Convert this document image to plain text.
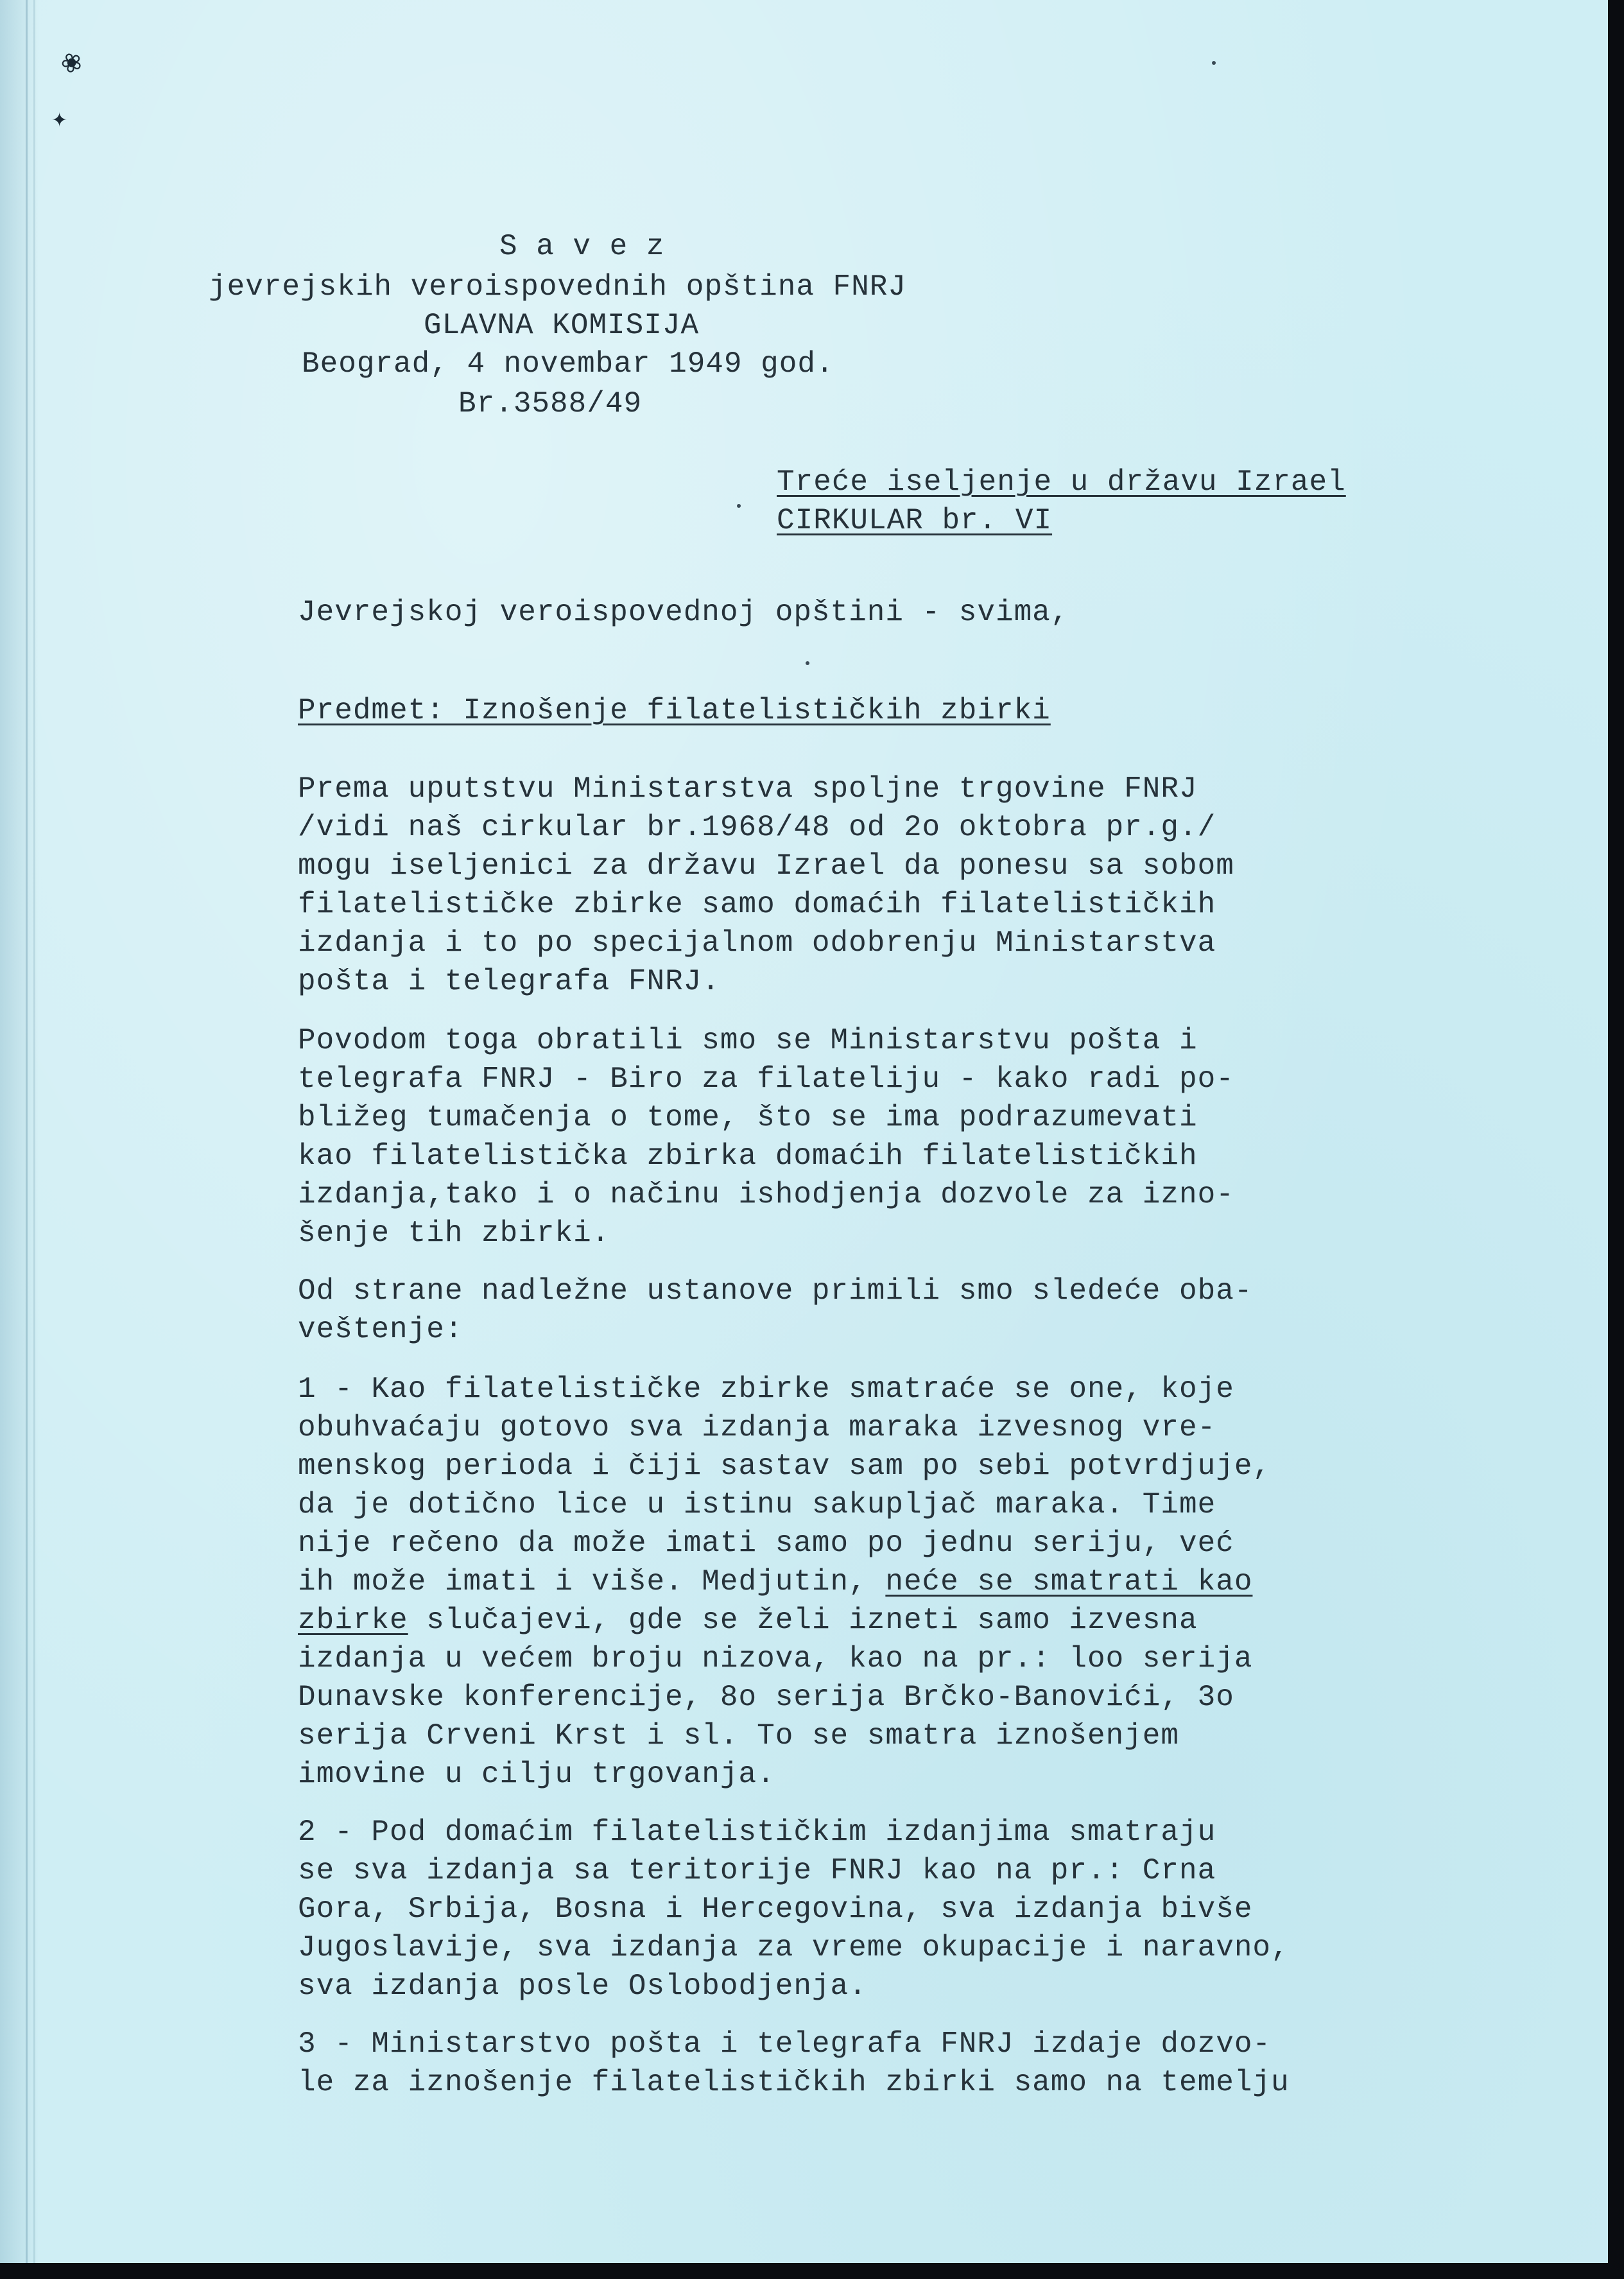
❀
✦
S a v e z
jevrejskih veroispovednih opština FNRJ
GLAVNA KOMISIJA
Beograd, 4 novembar 1949 god.
Br.3588/49
Treće iseljenje u državu Izrael
CIRKULAR br. VI
Jevrejskoj veroispovednoj opštini - svima,
Predmet: Iznošenje filatelističkih zbirki
Prema uputstvu Ministarstva spoljne trgovine FNRJ
/vidi naš cirkular br.1968/48 od 2o oktobra pr.g./
mogu iseljenici za državu Izrael da ponesu sa sobom
filatelističke zbirke samo domaćih filatelističkih
izdanja i to po specijalnom odobrenju Ministarstva
pošta i telegrafa FNRJ.
Povodom toga obratili smo se Ministarstvu pošta i
telegrafa FNRJ - Biro za filateliju - kako radi po-
bližeg tumačenja o tome, što se ima podrazumevati
kao filatelistička zbirka domaćih filatelističkih
izdanja,tako i o načinu ishodjenja dozvole za izno-
šenje tih zbirki.
Od strane nadležne ustanove primili smo sledeće oba-
veštenje:
1 - Kao filatelističke zbirke smatraće se one, koje
obuhvaćaju gotovo sva izdanja maraka izvesnog vre-
menskog perioda i čiji sastav sam po sebi potvrdjuje,
da je dotično lice u istinu sakupljač maraka. Time
nije rečeno da može imati samo po jednu seriju, već
ih može imati i više. Medjutin, neće se smatrati kao
zbirke slučajevi, gde se želi izneti samo izvesna
izdanja u većem broju nizova, kao na pr.: loo serija
Dunavske konferencije, 8o serija Brčko-Banovići, 3o
serija Crveni Krst i sl. To se smatra iznošenjem
imovine u cilju trgovanja.
2 - Pod domaćim filatelističkim izdanjima smatraju
se sva izdanja sa teritorije FNRJ kao na pr.: Crna
Gora, Srbija, Bosna i Hercegovina, sva izdanja bivše
Jugoslavije, sva izdanja za vreme okupacije i naravno,
sva izdanja posle Oslobodjenja.
3 - Ministarstvo pošta i telegrafa FNRJ izdaje dozvo-
le za iznošenje filatelističkih zbirki samo na temelju
